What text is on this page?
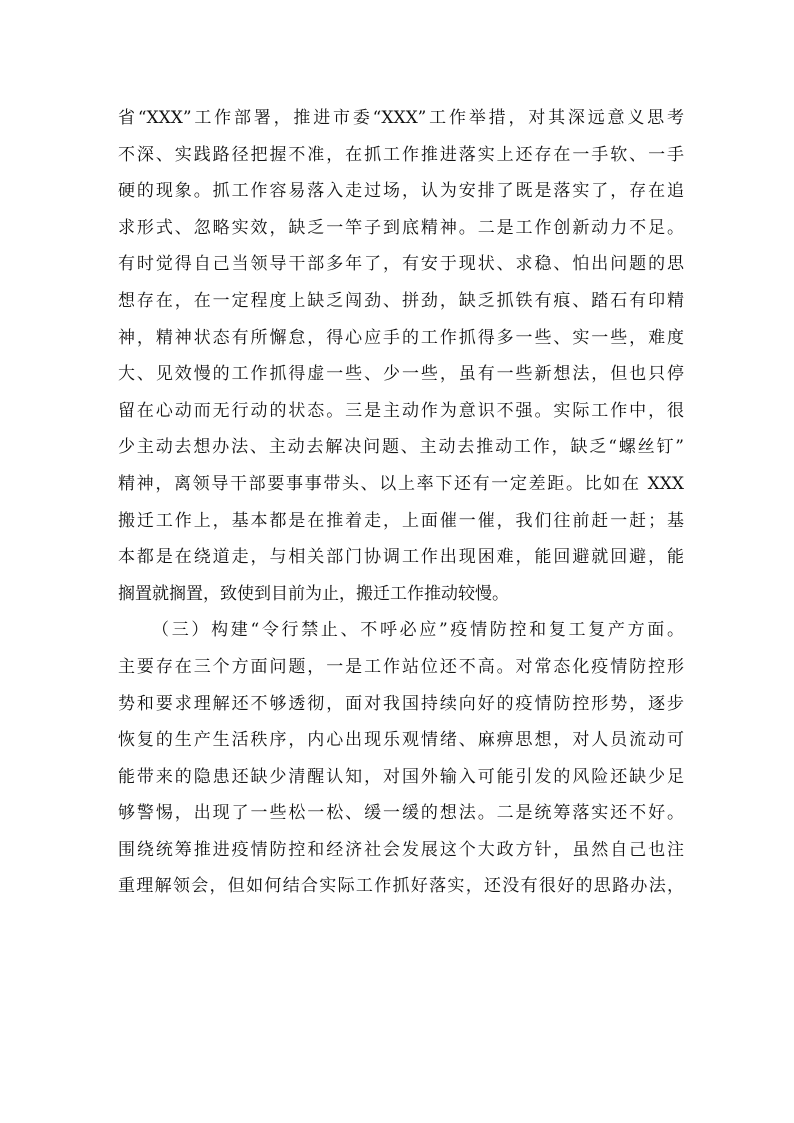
省“XXX”工作部署，推进市委“XXX”工作举措，对其深远意义思考
不深、实践路径把握不准，在抓工作推进落实上还存在一手软、一手
硬的现象。抓工作容易落入走过场，认为安排了既是落实了，存在追
求形式、忽略实效，缺乏一竿子到底精神。二是工作创新动力不足。
有时觉得自己当领导干部多年了，有安于现状、求稳、怕出问题的思
想存在，在一定程度上缺乏闯劲、拼劲，缺乏抓铁有痕、踏石有印精
神，精神状态有所懈怠，得心应手的工作抓得多一些、实一些，难度
大、见效慢的工作抓得虚一些、少一些，虽有一些新想法，但也只停
留在心动而无行动的状态。三是主动作为意识不强。实际工作中，很
少主动去想办法、主动去解决问题、主动去推动工作，缺乏“螺丝钉”
精神，离领导干部要事事带头、以上率下还有一定差距。比如在 XXX
搬迁工作上，基本都是在推着走，上面催一催，我们往前赶一赶；基
本都是在绕道走，与相关部门协调工作出现困难，能回避就回避，能
搁置就搁置，致使到目前为止，搬迁工作推动较慢。
（三）构建“令行禁止、不呼必应”疫情防控和复工复产方面。
主要存在三个方面问题，一是工作站位还不高。对常态化疫情防控形
势和要求理解还不够透彻，面对我国持续向好的疫情防控形势，逐步
恢复的生产生活秩序，内心出现乐观情绪、麻痹思想，对人员流动可
能带来的隐患还缺少清醒认知，对国外输入可能引发的风险还缺少足
够警惕，出现了一些松一松、缓一缓的想法。二是统筹落实还不好。
围绕统筹推进疫情防控和经济社会发展这个大政方针，虽然自己也注
重理解领会，但如何结合实际工作抓好落实，还没有很好的思路办法，
